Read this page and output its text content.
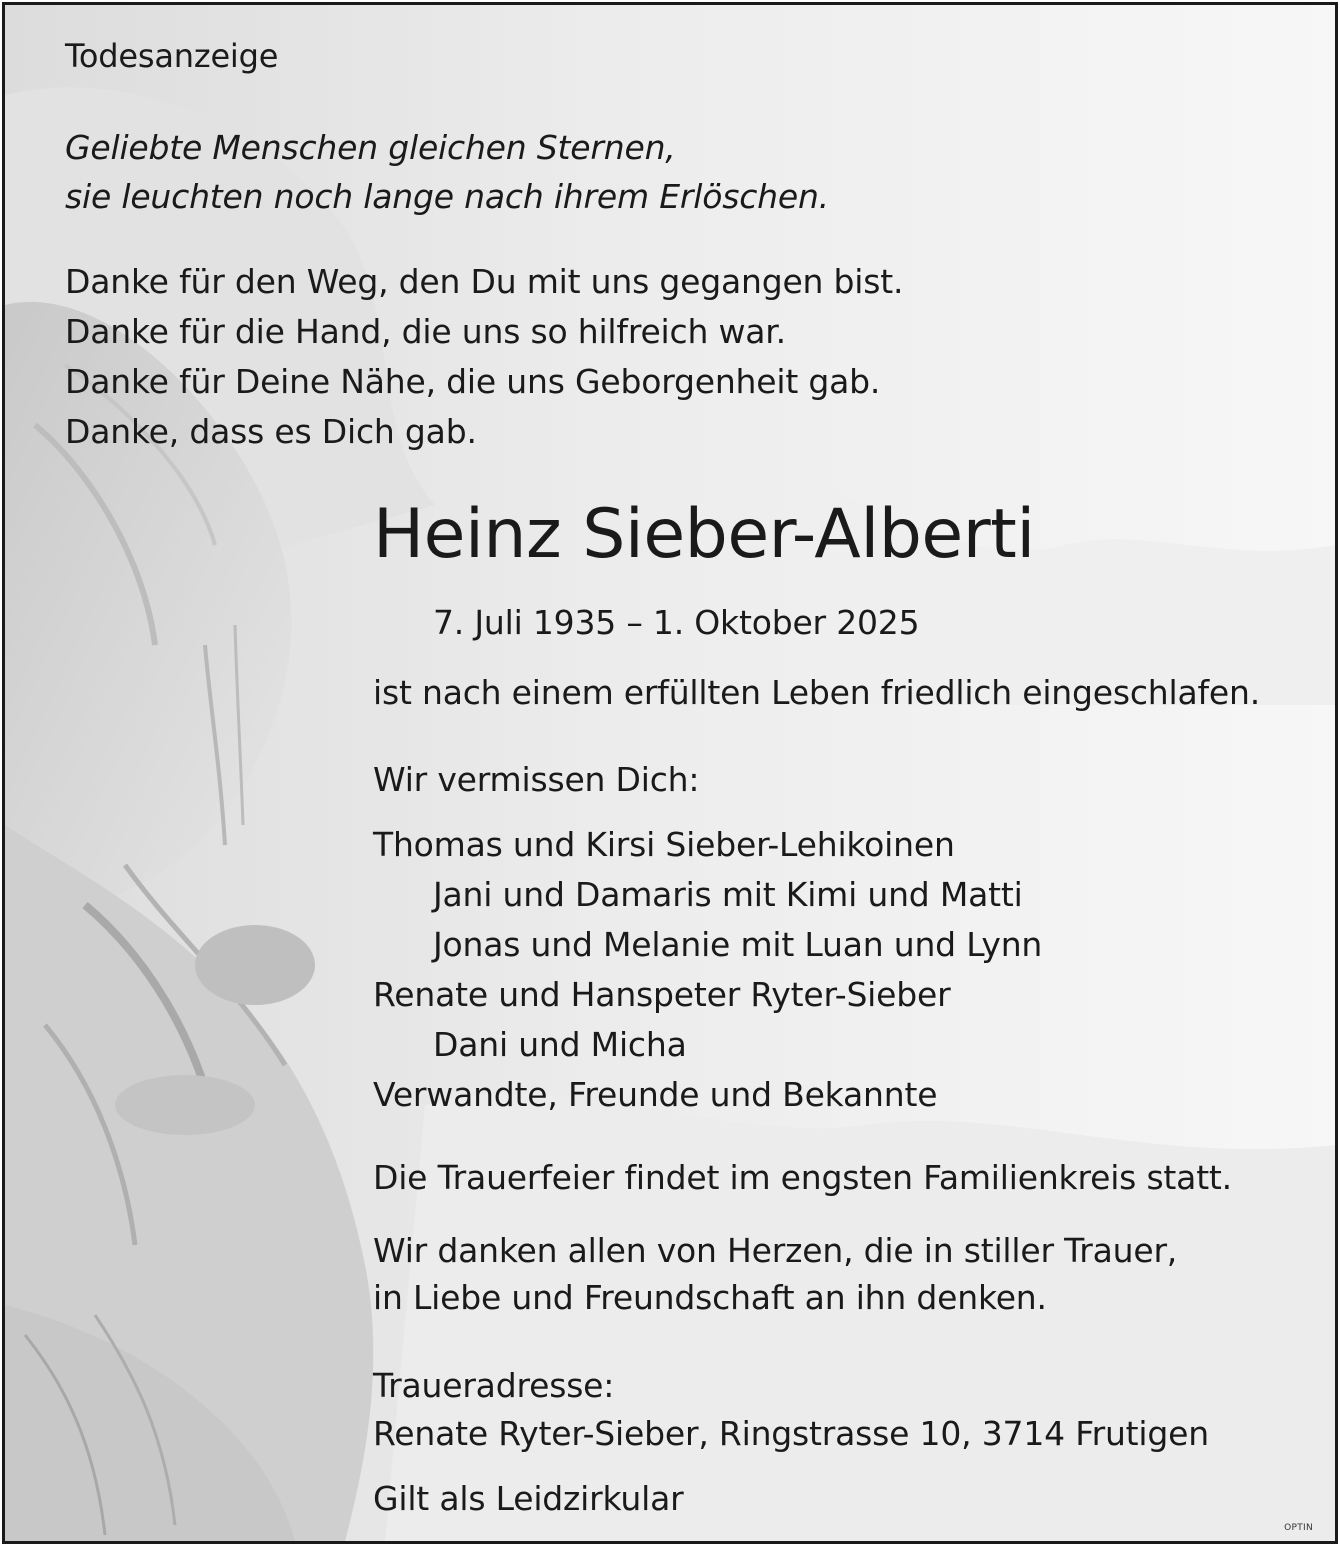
Todesanzeige
Geliebte Menschen gleichen Sternen,
sie leuchten noch lange nach ihrem Erlöschen.
Danke für den Weg, den Du mit uns gegangen bist.
Danke für die Hand, die uns so hilfreich war.
Danke für Deine Nähe, die uns Geborgenheit gab.
Danke, dass es Dich gab.
Heinz Sieber-Alberti
7. Juli 1935 – 1. Oktober 2025
ist nach einem erfüllten Leben friedlich eingeschlafen.
Wir vermissen Dich:
Thomas und Kirsi Sieber-Lehikoinen
Jani und Damaris mit Kimi und Matti
Jonas und Melanie mit Luan und Lynn
Renate und Hanspeter Ryter-Sieber
Dani und Micha
Verwandte, Freunde und Bekannte
Die Trauerfeier findet im engsten Familienkreis statt.
Wir danken allen von Herzen, die in stiller Trauer,
in Liebe und Freundschaft an ihn denken.
Traueradresse:
Renate Ryter-Sieber, Ringstrasse 10, 3714 Frutigen
Gilt als Leidzirkular
OPTIN
